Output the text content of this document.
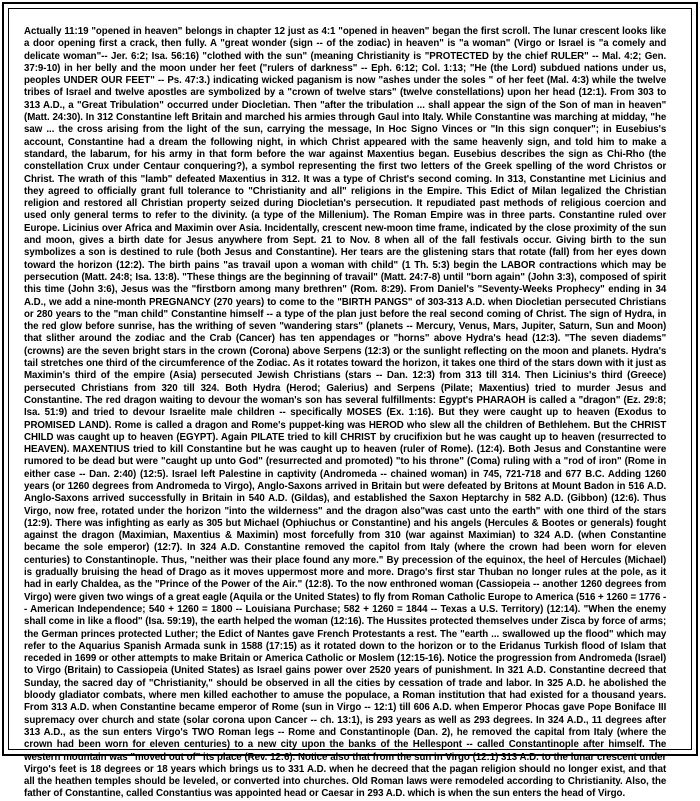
Actually 11:19 "opened in heaven" belongs in chapter 12 just as 4:1 "opened in heaven" began the first scroll. The lunar crescent looks like a door opening first a crack, then fully. A "great wonder (sign -- of the zodiac) in heaven" is "a woman" (Virgo or Israel is "a comely and delicate woman"-- Jer. 6:2; Isa. 56:16) "clothed with the sun" (meaning Christianity is "PROTECTED by the chief RULER" -- Mal. 4:2; Gen. 37:9-10) in her belly and the moon under her feet ("rulers of darkness" -- Eph. 6:12; Col. 1:13; "He (the Lord) subdued nations under us, peoples UNDER OUR FEET" -- Ps. 47:3.) indicating wicked paganism is now "ashes under the soles " of her feet (Mal. 4:3) while the twelve tribes of Israel and twelve apostles are symbolized by a "crown of twelve stars" (twelve constellations) upon her head (12:1). From 303 to 313 A.D., a "Great Tribulation" occurred under Diocletian. Then "after the tribulation ... shall appear the sign of the Son of man in heaven" (Matt. 24:30). In 312 Constantine left Britain and marched his armies through Gaul into Italy. While Constantine was marching at midday, "he saw ... the cross arising from the light of the sun, carrying the message, In Hoc Signo Vinces or "In this sign conquer"; in Eusebius's account, Constantine had a dream the following night, in which Christ appeared with the same heavenly sign, and told him to make a standard, the labarum, for his army in that form before the war against Maxentius began. Eusebius describes the sign as Chi-Rho (the constellation Crux under Centaur conquering?), a symbol representing the first two letters of the Greek spelling of the word Christos or Christ. The wrath of this "lamb" defeated Maxentius in 312. It was a type of Christ's second coming. In 313, Constantine met Licinius and they agreed to officially grant full tolerance to "Christianity and all" religions in the Empire. This Edict of Milan legalized the Christian religion and restored all Christian property seized during Diocletian's persecution. It repudiated past methods of religious coercion and used only general terms to refer to the divinity. (a type of the Millenium). The Roman Empire was in three parts. Constantine ruled over Europe. Licinius over Africa and Maximin over Asia. Incidentally, crescent new-moon time frame, indicated by the close proximity of the sun and moon, gives a birth date for Jesus anywhere from Sept. 21 to Nov. 8 when all of the fall festivals occur. Giving birth to the sun symbolizes a son is destined to rule (both Jesus and Constantine). Her tears are the glistening stars that rotate (fall) from her eyes down toward the horizon (12:2). The birth pains "as travail upon a woman with child" (1 Th. 5:3) begin the LABOR contractions which may be persecution (Matt. 24:8; Isa. 13:8). "These things are the beginning of travail" (Matt. 24:7-8) until "born again" (John 3:3), composed of spirit this time (John 3:6), Jesus was the "firstborn among many brethren" (Rom. 8:29). From Daniel's "Seventy-Weeks Prophecy" ending in 34 A.D., we add a nine-month PREGNANCY (270 years) to come to the "BIRTH PANGS" of 303-313 A.D. when Diocletian persecuted Christians or 280 years to the "man child" Constantine himself -- a type of the plan just before the real second coming of Christ. The sign of Hydra, in the red glow before sunrise, has the writhing of seven "wandering stars" (planets -- Mercury, Venus, Mars, Jupiter, Saturn, Sun and Moon) that slither around the zodiac and the Crab (Cancer) has ten appendages or "horns" above Hydra's head (12:3). "The seven diadems" (crowns) are the seven bright stars in the crown (Corona) above Serpens (12:3) or the sunlight reflecting on the moon and planets. Hydra's tail stretches one third of the circumference of the Zodiac. As it rotates toward the horizon, it takes one third of the stars down with it just as Maximin's third of the empire (Asia) persecuted Jewish Christians (stars -- Dan. 12:3) from 313 till 314. Then Licinius's third (Greece) persecuted Christians from 320 till 324. Both Hydra (Herod; Galerius) and Serpens (Pilate; Maxentius) tried to murder Jesus and Constantine. The red dragon waiting to devour the woman's son has several fulfillments: Egypt's PHARAOH is called a "dragon" (Ez. 29:8; Isa. 51:9) and tried to devour Israelite male children -- specifically MOSES (Ex. 1:16). But they were caught up to heaven (Exodus to PROMISED LAND). Rome is called a dragon and Rome's puppet-king was HEROD who slew all the children of Bethlehem. But the CHRIST CHILD was caught up to heaven (EGYPT). Again PILATE tried to kill CHRIST by crucifixion but he was caught up to heaven (resurrected to HEAVEN). MAXENTIUS tried to kill Constantine but he was caught up to heaven (ruler of Rome). (12:4). Both Jesus and Constantine were rumored to be dead but were "caught up unto God" (resurrected and promoted) "to his throne" (Coma) ruling with a "rod of iron" (Rome in either case -- Dan. 2:40) (12:5). Israel left Palestine in captivity (Andromeda -- chained woman) in 745, 721-718 and 677 B.C. Adding 1260 years (or 1260 degrees from Andromeda to Virgo), Anglo-Saxons arrived in Britain but were defeated by Britons at Mount Badon in 516 A.D. Anglo-Saxons arrived successfully in Britain in 540 A.D. (Gildas), and established the Saxon Heptarchy in 582 A.D. (Gibbon) (12:6). Thus Virgo, now free, rotated under the horizon "into the wilderness" and the dragon also"was cast unto the earth" with one third of the stars (12:9). There was infighting as early as 305 but Michael (Ophiuchus or Constantine) and his angels (Hercules & Bootes or generals) fought against the dragon (Maximian, Maxentius & Maximin) most forcefully from 310 (war against Maximian) to 324 A.D. (when Constantine became the sole emperor) (12:7). In 324 A.D. Constantine removed the capitol from Italy (where the crown had been worn for eleven centuries) to Constantinople. Thus, "neither was their place found any more." By precession of the equinox, the heel of Hercules (Michael) is gradually bruising the head of Drago as it moves uppermost more and more. Drago's first star Thuban no longer rules at the pole, as it had in early Chaldea, as the "Prince of the Power of the Air." (12:8). To the now enthroned woman (Cassiopeia -- another 1260 degrees from Virgo) were given two wings of a great eagle (Aquila or the United States) to fly from Roman Catholic Europe to America (516 + 1260 = 1776 -- American Independence; 540 + 1260 = 1800 -- Louisiana Purchase; 582 + 1260 = 1844 -- Texas a U.S. Territory) (12:14). "When the enemy shall come in like a flood" (Isa. 59:19), the earth helped the woman (12:16). The Hussites protected themselves under Zisca by force of arms; the German princes protected Luther; the Edict of Nantes gave French Protestants a rest. The "earth ... swallowed up the flood" which may refer to the Aquarius Spanish Armada sunk in 1588 (17:15) as it rotated down to the horizon or to the Eridanus Turkish flood of Islam that receded in 1699 or other attempts to make Britain or America Catholic or Moslem (12:15-16). Notice the progression from Andromeda (Israel) to Virgo (Britain) to Cassiopeia (United States) as Israel gains power over 2520 years of punishment. In 321 A.D. Constantine decreed that Sunday, the sacred day of "Christianity," should be observed in all the cities by cessation of trade and labor. In 325 A.D. he abolished the bloody gladiator combats, where men killed eachother to amuse the populace, a Roman institution that had existed for a thousand years. From 313 A.D. when Constantine became emperor of Rome (sun in Virgo -- 12:1) till 606 A.D. when Emperor Phocas gave Pope Boniface III supremacy over church and state (solar corona upon Cancer -- ch. 13:1), is 293 years as well as 293 degrees. In 324 A.D., 11 degrees after 313 A.D., as the sun enters Virgo's TWO Roman legs -- Rome and Constantinople (Dan. 2), he removed the capital from Italy (where the crown had been worn for eleven centuries) to a new city upon the banks of the Hellespont -- called Constantinople after himself. The western mountain was "moved out of" its place (Rev. 12:6). Notice also that from the sun in Virgo (12:1) 313 A.D. to the lunar crescent under Virgo's feet is 18 degrees or 18 years which brings us to 331 A.D. when he decreed that the pagan religion should no longer exist, and that all the heathen temples should be leveled, or converted into churches. Old Roman laws were remodeled according to Christianity. Also, the father of Constantine, called Constantius was appointed head or Caesar in 293 A.D. which is when the sun enters the head of Virgo.
